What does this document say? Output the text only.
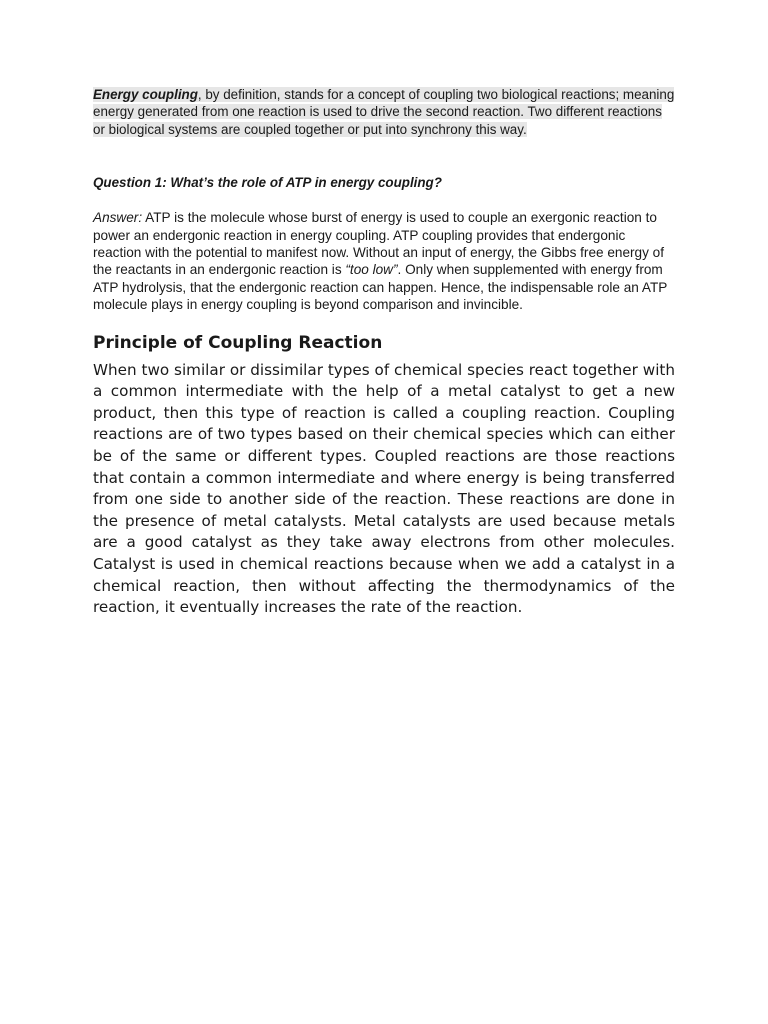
Energy coupling, by definition, stands for a concept of coupling two biological reactions; meaning energy generated from one reaction is used to drive the second reaction. Two different reactions or biological systems are coupled together or put into synchrony this way.

Question 1: What’s the role of ATP in energy coupling?

Answer: ATP is the molecule whose burst of energy is used to couple an exergonic reaction to power an endergonic reaction in energy coupling. ATP coupling provides that endergonic reaction with the potential to manifest now. Without an input of energy, the Gibbs free energy of the reactants in an endergonic reaction is “too low”. Only when supplemented with energy from ATP hydrolysis, that the endergonic reaction can happen. Hence, the indispensable role an ATP molecule plays in energy coupling is beyond comparison and invincible.

Principle of Coupling Reaction

When two similar or dissimilar types of chemical species react together with a common intermediate with the help of a metal catalyst to get a new product, then this type of reaction is called a coupling reaction. Coupling reactions are of two types based on their chemical species which can either be of the same or different types. Coupled reactions are those reactions that contain a common intermediate and where energy is being transferred from one side to another side of the reaction. These reactions are done in the presence of metal catalysts. Metal catalysts are used because metals are a good catalyst as they take away electrons from other molecules. Catalyst is used in chemical reactions because when we add a catalyst in a chemical reaction, then without affecting the thermodynamics of the reaction, it eventually increases the rate of the reaction.
